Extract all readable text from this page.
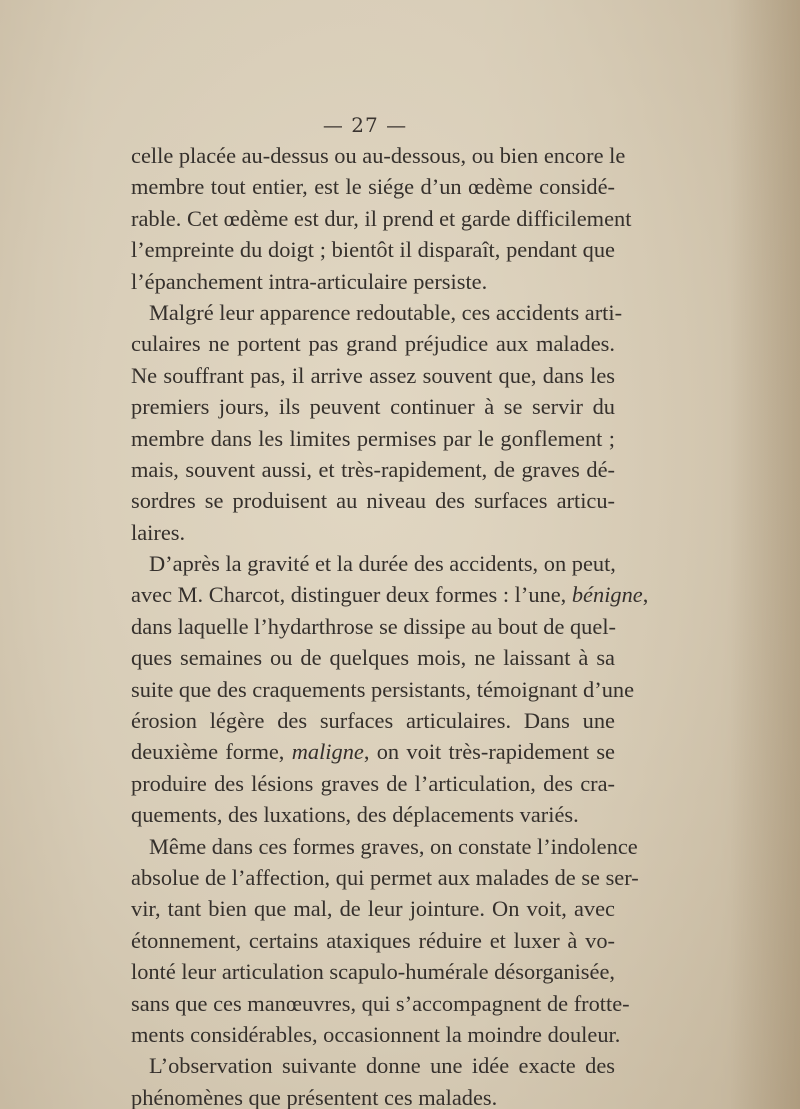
— 27 —
celle placée au-dessus ou au-dessous, ou bien encore le
membre tout entier, est le siége d’un œdème considé-
rable. Cet œdème est dur, il prend et garde difficilement
l’empreinte du doigt ; bientôt il disparaît, pendant que
l’épanchement intra-articulaire persiste.
Malgré leur apparence redoutable, ces accidents arti-
culaires ne portent pas grand préjudice aux malades.
Ne souffrant pas, il arrive assez souvent que, dans les
premiers jours, ils peuvent continuer à se servir du
membre dans les limites permises par le gonflement ;
mais, souvent aussi, et très-rapidement, de graves dé-
sordres se produisent au niveau des surfaces articu-
laires.
D’après la gravité et la durée des accidents, on peut,
avec M. Charcot, distinguer deux formes : l’une, bénigne,
dans laquelle l’hydarthrose se dissipe au bout de quel-
ques semaines ou de quelques mois, ne laissant à sa
suite que des craquements persistants, témoignant d’une
érosion légère des surfaces articulaires. Dans une
deuxième forme, maligne, on voit très-rapidement se
produire des lésions graves de l’articulation, des cra-
quements, des luxations, des déplacements variés.
Même dans ces formes graves, on constate l’indolence
absolue de l’affection, qui permet aux malades de se ser-
vir, tant bien que mal, de leur jointure. On voit, avec
étonnement, certains ataxiques réduire et luxer à vo-
lonté leur articulation scapulo-humérale désorganisée,
sans que ces manœuvres, qui s’accompagnent de frotte-
ments considérables, occasionnent la moindre douleur.
L’observation suivante donne une idée exacte des
phénomènes que présentent ces malades.
